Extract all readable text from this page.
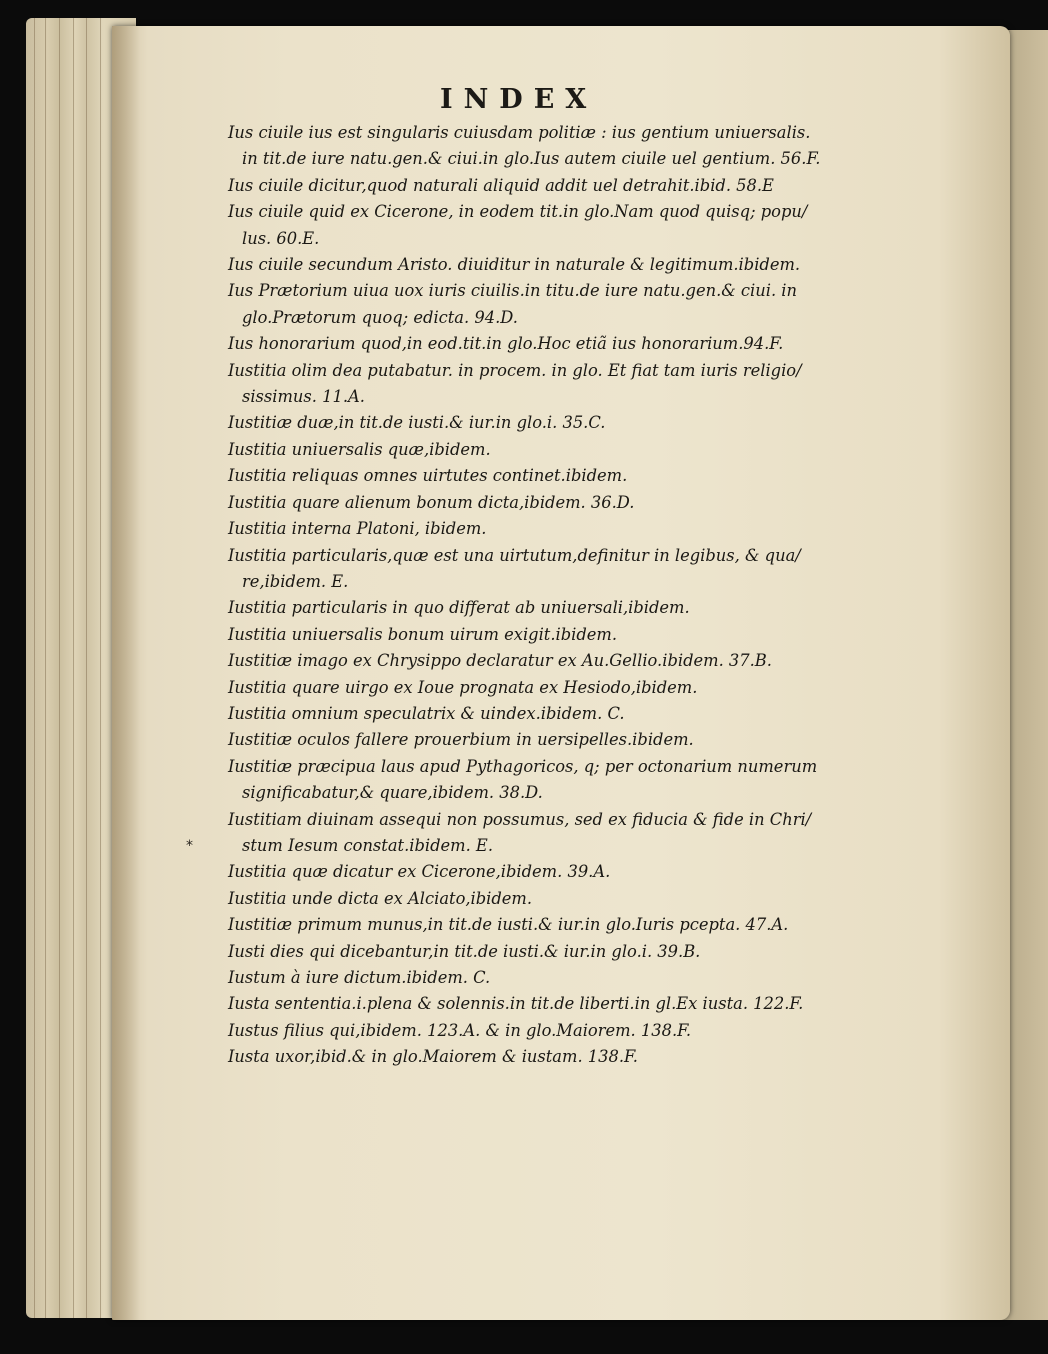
INDEX
*

Ius ciuile ius est singularis cuiusdam politiæ : ius gentium uniuersalis. in tit.de iure natu.gen.& ciui.in glo.Ius autem ciuile uel gentium. 56.F.

Ius ciuile dicitur,quod naturali aliquid addit uel detrahit.ibid. 58.E

Ius ciuile quid ex Cicerone, in eodem tit.in glo.Nam quod quisq; popu/ lus. 60.E.

Ius ciuile secundum Aristo. diuiditur in naturale & legitimum.ibidem.

Ius Prætorium uiua uox iuris ciuilis.in titu.de iure natu.gen.& ciui. in glo.Prætorum quoq; edicta. 94.D.

Ius honorarium quod,in eod.tit.in glo.Hoc etiã ius honorarium.94.F.

Iustitia olim dea putabatur. in procem. in glo. Et fiat tam iuris religio/ sissimus. 11.A.

Iustitiæ duæ,in tit.de iusti.& iur.in glo.i. 35.C.

Iustitia uniuersalis quæ,ibidem.

Iustitia reliquas omnes uirtutes continet.ibidem.

Iustitia quare alienum bonum dicta,ibidem. 36.D.

Iustitia interna Platoni, ibidem.

Iustitia particularis,quæ est una uirtutum,definitur in legibus, & qua/ re,ibidem. E.

Iustitia particularis in quo differat ab uniuersali,ibidem.

Iustitia uniuersalis bonum uirum exigit.ibidem.

Iustitiæ imago ex Chrysippo declaratur ex Au.Gellio.ibidem. 37.B.

Iustitia quare uirgo ex Ioue prognata ex Hesiodo,ibidem.

Iustitia omnium speculatrix & uindex.ibidem. C.

Iustitiæ oculos fallere prouerbium in uersipelles.ibidem.

Iustitiæ præcipua laus apud Pythagoricos, q; per octonarium numerum significabatur,& quare,ibidem. 38.D.

Iustitiam diuinam assequi non possumus, sed ex fiducia & fide in Chri/ stum Iesum constat.ibidem. E.

Iustitia quæ dicatur ex Cicerone,ibidem. 39.A.

Iustitia unde dicta ex Alciato,ibidem.

Iustitiæ primum munus,in tit.de iusti.& iur.in glo.Iuris pcepta. 47.A.

Iusti dies qui dicebantur,in tit.de iusti.& iur.in glo.i. 39.B.

Iustum à iure dictum.ibidem. C.

Iusta sententia.i.plena & solennis.in tit.de liberti.in gl.Ex iusta. 122.F.

Iustus filius qui,ibidem. 123.A. & in glo.Maiorem. 138.F.

Iusta uxor,ibid.& in glo.Maiorem & iustam. 138.F.
